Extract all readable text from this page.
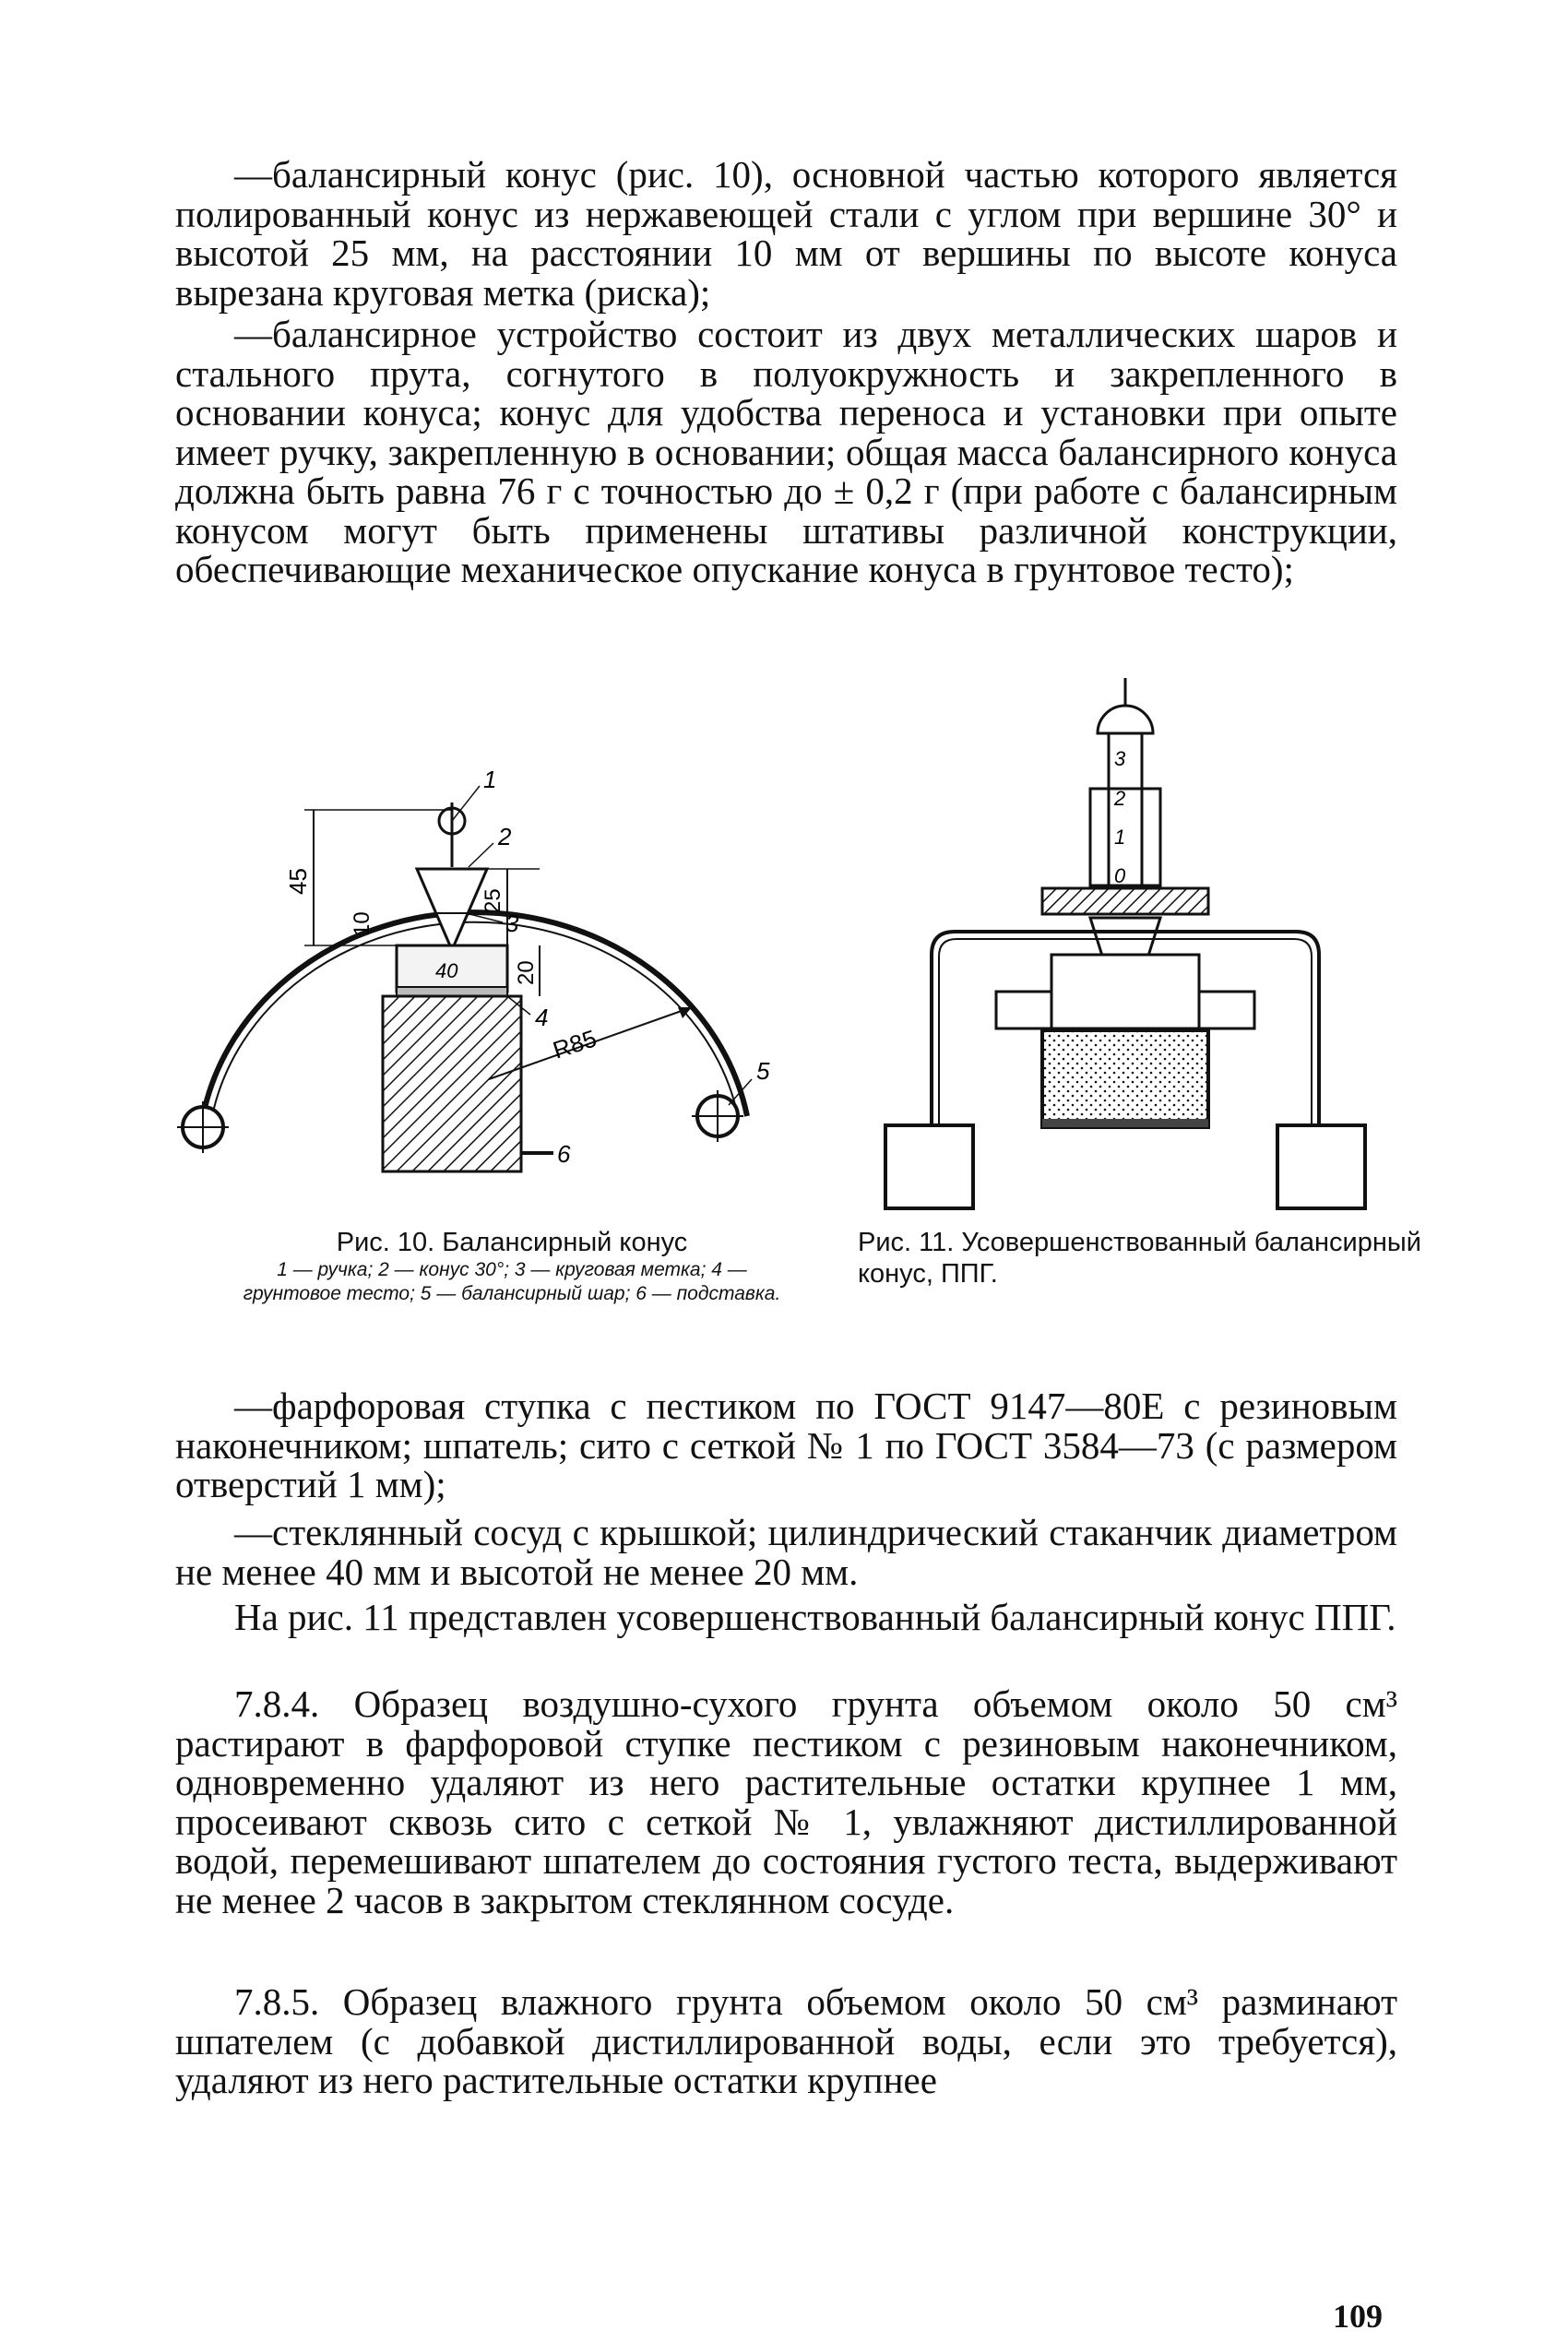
—балансирный конус (рис. 10), основной частью которого является полированный конус из нержавеющей стали с углом при вершине 30° и высотой 25 мм, на расстоянии 10 мм от вершины по высоте конуса вырезана круговая метка (риска);

—балансирное устройство состоит из двух металлических шаров и стального прута, согнутого в полуокружность и закрепленного в основании конуса; конус для удобства переноса и установки при опыте имеет ручку, закрепленную в основании; общая масса балансирного конуса должна быть равна 76 г с точностью до ± 0,2 г (при работе с балансирным конусом могут быть применены штативы различной конструкции, обеспечивающие механическое опускание конуса в грунтовое тесто);

1
2
3
4
5
6
45
10
25
20
40
R85
Рис. 10. Балансирный конус
1 — ручка; 2 — конус 30°; 3 — круговая метка; 4 — грунтовое тесто; 5 — балансирный шар; 6 — подставка.
3
2
1
0
Рис. 11. Усовершенствованный балансирный конус, ППГ.

—фарфоровая ступка с пестиком по ГОСТ 9147—80Е с резиновым наконечником; шпатель; сито с сеткой № 1 по ГОСТ 3584—73 (с размером отверстий 1 мм);

—стеклянный сосуд с крышкой; цилиндрический стаканчик диаметром не менее 40 мм и высотой не менее 20 мм.

На рис. 11 представлен усовершенствованный балансирный конус ППГ.

7.8.4. Образец воздушно-сухого грунта объемом около 50 см³ растирают в фарфоровой ступке пестиком с резиновым наконечником, одновременно удаляют из него растительные остатки крупнее 1 мм, просеивают сквозь сито с сеткой № 1, увлажняют дистиллированной водой, перемешивают шпателем до состояния густого теста, выдерживают не менее 2 часов в закрытом стеклянном сосуде.

7.8.5. Образец влажного грунта объемом около 50 см³ разминают шпателем (с добавкой дистиллированной воды, если это требуется), удаляют из него растительные остатки крупнее

109
